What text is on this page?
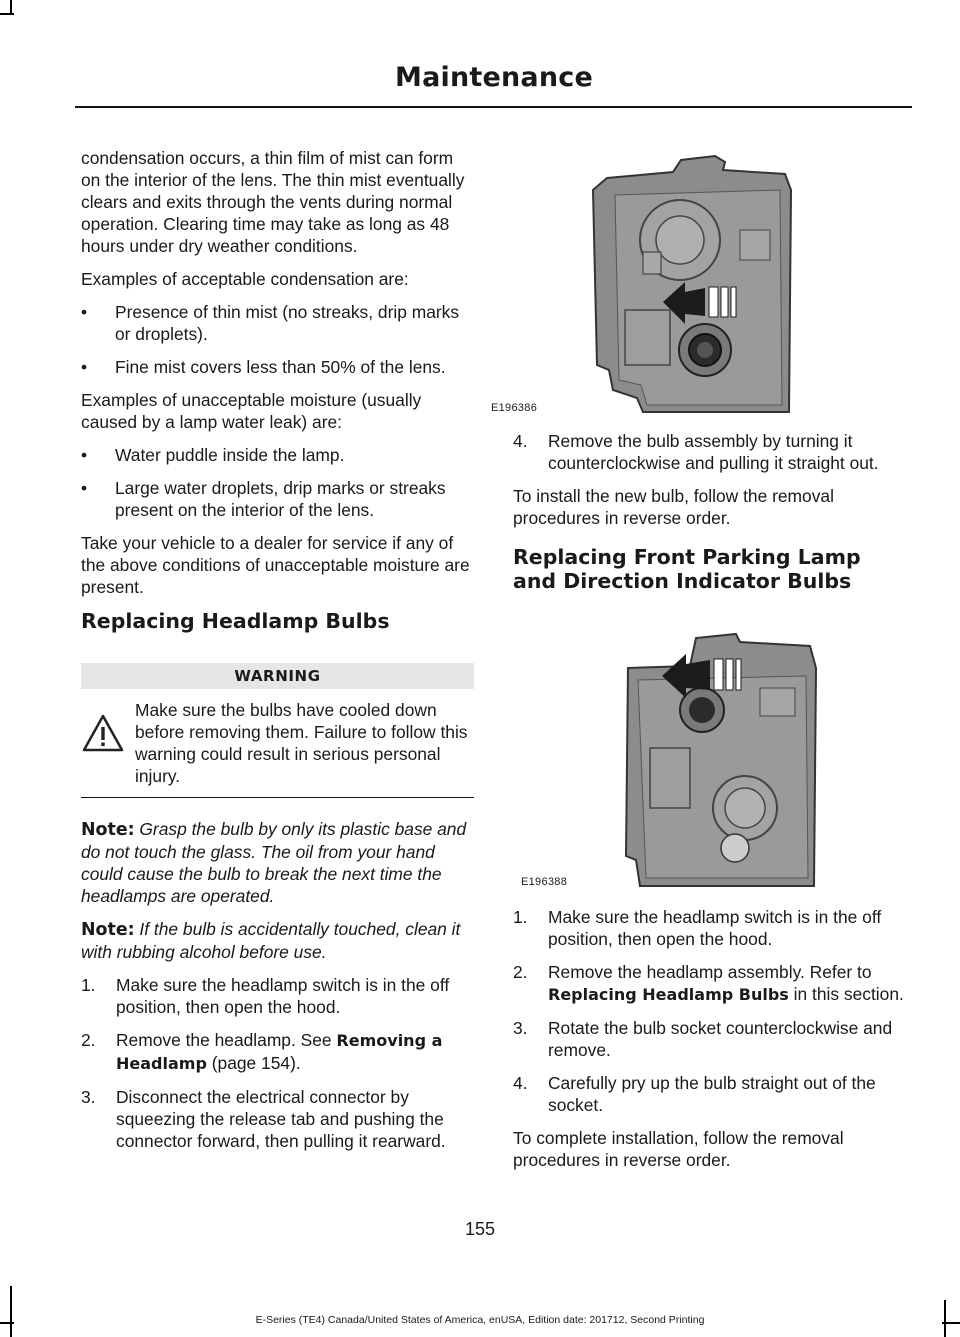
Maintenance

condensation occurs, a thin film of mist can form on the interior of the lens. The thin mist eventually clears and exits through the vents during normal operation. Clearing time may take as long as 48 hours under dry weather conditions.

Examples of acceptable condensation are:

• Presence of thin mist (no streaks, drip marks or droplets).
• Fine mist covers less than 50% of the lens.

Examples of unacceptable moisture (usually caused by a lamp water leak) are:

• Water puddle inside the lamp.
• Large water droplets, drip marks or streaks present on the interior of the lens.

Take your vehicle to a dealer for service if any of the above conditions of unacceptable moisture are present.

Replacing Headlamp Bulbs
WARNING
Make sure the bulbs have cooled down before removing them. Failure to follow this warning could result in serious personal injury.

Note: Grasp the bulb by only its plastic base and do not touch the glass. The oil from your hand could cause the bulb to break the next time the headlamps are operated.

Note: If the bulb is accidentally touched, clean it with rubbing alcohol before use.

1. Make sure the headlamp switch is in the off position, then open the hood.
2. Remove the headlamp. See Removing a Headlamp (page 154).
3. Disconnect the electrical connector by squeezing the release tab and pushing the connector forward, then pulling it rearward.
E196386
4. Remove the bulb assembly by turning it counterclockwise and pulling it straight out.

To install the new bulb, follow the removal procedures in reverse order.

Replacing Front Parking Lamp and Direction Indicator Bulbs
E196388
1. Make sure the headlamp switch is in the off position, then open the hood.
2. Remove the headlamp assembly. Refer to Replacing Headlamp Bulbs in this section.
3. Rotate the bulb socket counterclockwise and remove.
4. Carefully pry up the bulb straight out of the socket.

To complete installation, follow the removal procedures in reverse order.

155
E-Series (TE4) Canada/United States of America, enUSA, Edition date: 201712, Second Printing
